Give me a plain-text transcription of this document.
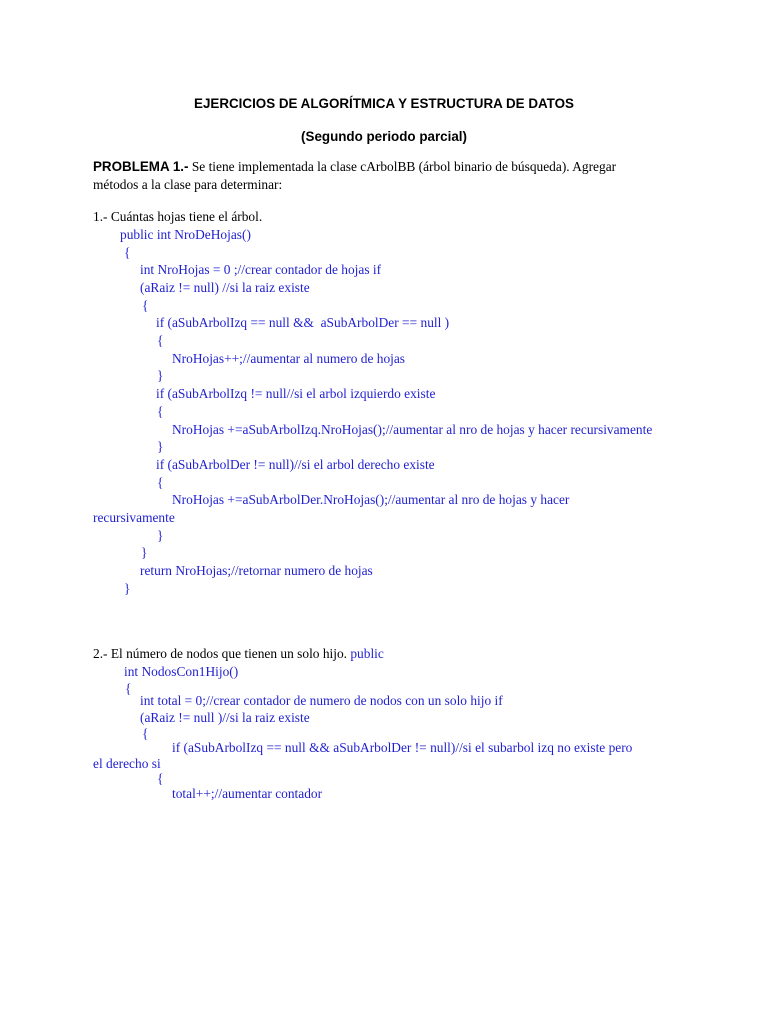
EJERCICIOS DE ALGORÍTMICA Y ESTRUCTURA DE DATOS
(Segundo periodo parcial)
PROBLEMA 1.- Se tiene implementada la clase cArbolBB (árbol binario de búsqueda). Agregar
métodos a la clase para determinar:
1.- Cuántas hojas tiene el árbol.
public int NroDeHojas()
{
int NroHojas = 0 ;//crear contador de hojas if
(aRaiz != null) //si la raiz existe
{
if (aSubArbolIzq == null &&  aSubArbolDer == null )
{
NroHojas++;//aumentar al numero de hojas
}
if (aSubArbolIzq != null//si el arbol izquierdo existe
{
NroHojas +=aSubArbolIzq.NroHojas();//aumentar al nro de hojas y hacer recursivamente
}
if (aSubArbolDer != null)//si el arbol derecho existe
{
NroHojas +=aSubArbolDer.NroHojas();//aumentar al nro de hojas y hacer
recursivamente
}
}
return NroHojas;//retornar numero de hojas
}
2.- El número de nodos que tienen un solo hijo. public
int NodosCon1Hijo()
{
int total = 0;//crear contador de numero de nodos con un solo hijo if
(aRaiz != null )//si la raiz existe
{
if (aSubArbolIzq == null && aSubArbolDer != null)//si el subarbol izq no existe pero
el derecho si
{
total++;//aumentar contador
